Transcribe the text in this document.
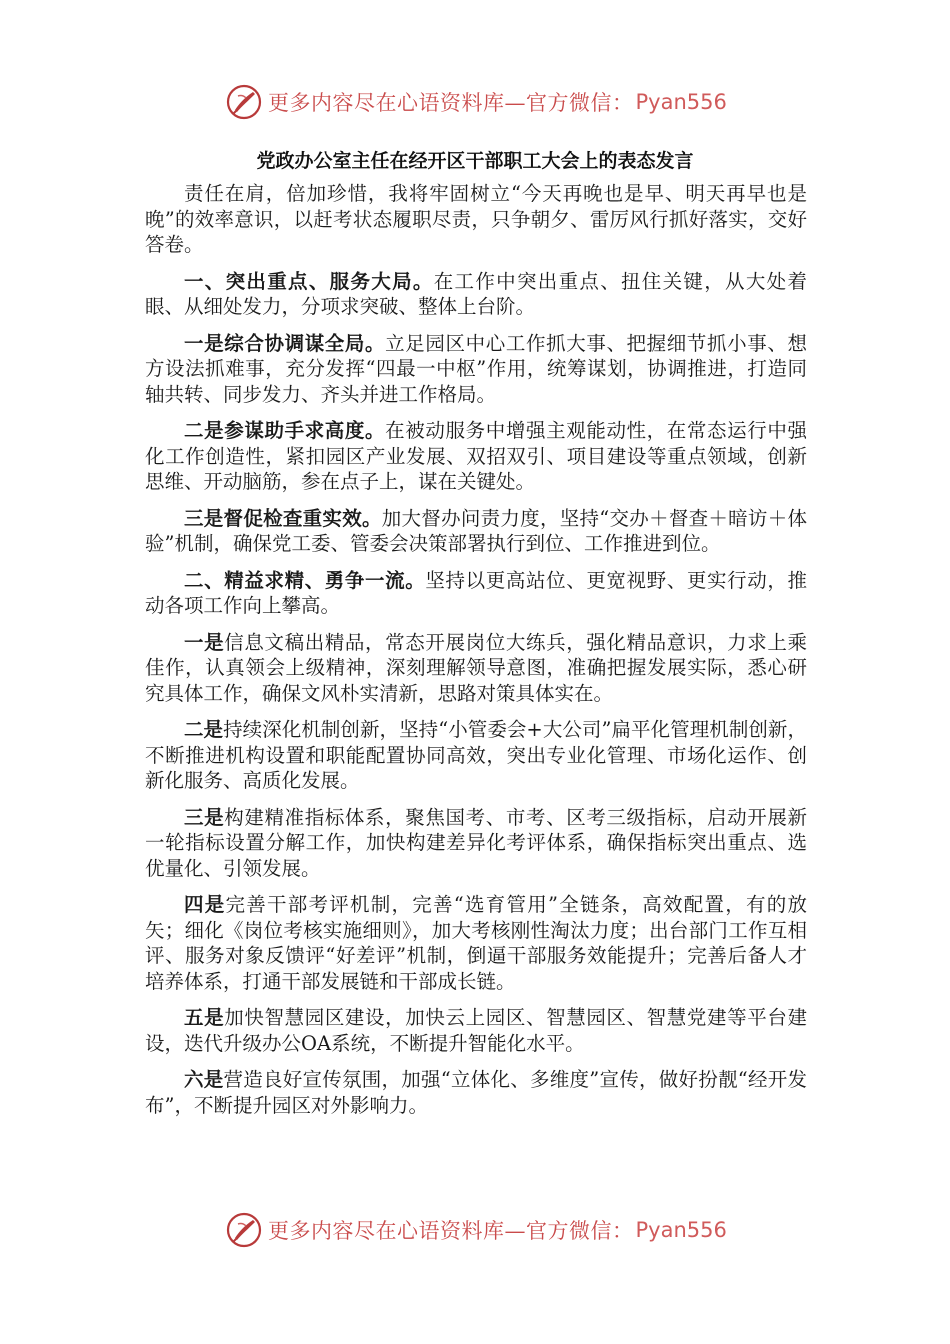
更多内容尽在心语资料库—官方微信： Pyan556
党政办公室主任在经开区干部职工大会上的表态发言

责任在肩，倍加珍惜，我将牢固树立“今天再晚也是早、明天再早也是晚”的效率意识，以赶考状态履职尽责，只争朝夕、雷厉风行抓好落实，交好答卷。

一、突出重点、服务大局。在工作中突出重点、扭住关键，从大处着眼、从细处发力，分项求突破、整体上台阶。

一是综合协调谋全局。立足园区中心工作抓大事、把握细节抓小事、想方设法抓难事，充分发挥“四最一中枢”作用，统筹谋划，协调推进，打造同轴共转、同步发力、齐头并进工作格局。

二是参谋助手求高度。在被动服务中增强主观能动性，在常态运行中强化工作创造性，紧扣园区产业发展、双招双引、项目建设等重点领域，创新思维、开动脑筋，参在点子上，谋在关键处。

三是督促检查重实效。加大督办问责力度，坚持“交办＋督查＋暗访＋体验”机制，确保党工委、管委会决策部署执行到位、工作推进到位。

二、精益求精、勇争一流。坚持以更高站位、更宽视野、更实行动，推动各项工作向上攀高。

一是信息文稿出精品，常态开展岗位大练兵，强化精品意识，力求上乘佳作，认真领会上级精神，深刻理解领导意图，准确把握发展实际，悉心研究具体工作，确保文风朴实清新，思路对策具体实在。

二是持续深化机制创新，坚持“小管委会+大公司”扁平化管理机制创新，不断推进机构设置和职能配置协同高效，突出专业化管理、市场化运作、创新化服务、高质化发展。

三是构建精准指标体系，聚焦国考、市考、区考三级指标，启动开展新一轮指标设置分解工作，加快构建差异化考评体系，确保指标突出重点、选优量化、引领发展。

四是完善干部考评机制，完善“选育管用”全链条，高效配置，有的放矢；细化《岗位考核实施细则》，加大考核刚性淘汰力度；出台部门工作互相评、服务对象反馈评“好差评”机制，倒逼干部服务效能提升；完善后备人才培养体系，打通干部发展链和干部成长链。

五是加快智慧园区建设，加快云上园区、智慧园区、智慧党建等平台建设，迭代升级办公OA系统，不断提升智能化水平。

六是营造良好宣传氛围，加强“立体化、多维度”宣传，做好扮靓“经开发布”，不断提升园区对外影响力。

更多内容尽在心语资料库—官方微信： Pyan556
